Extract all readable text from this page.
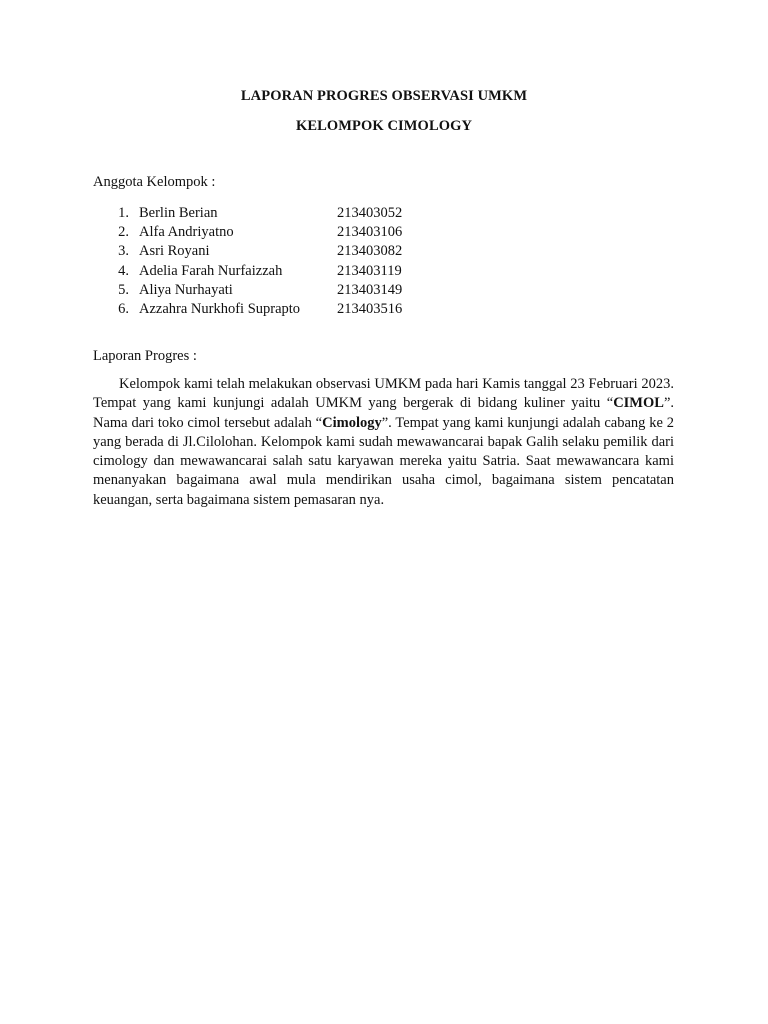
LAPORAN PROGRES OBSERVASI UMKM
KELOMPOK CIMOLOGY
Anggota Kelompok :
1. Berlin Berian	213403052
2. Alfa Andriyatno	213403106
3. Asri Royani	213403082
4. Adelia Farah Nurfaizzah	213403119
5. Aliya Nurhayati	213403149
6. Azzahra Nurkhofi Suprapto	213403516
Laporan Progres :

Kelompok kami telah melakukan observasi UMKM pada hari Kamis tanggal 23 Februari 2023. Tempat yang kami kunjungi adalah UMKM yang bergerak di bidang kuliner yaitu “CIMOL”. Nama dari toko cimol tersebut adalah “Cimology”. Tempat yang kami kunjungi adalah cabang ke 2 yang berada di Jl.Cilolohan. Kelompok kami sudah mewawancarai bapak Galih selaku pemilik dari cimology dan mewawancarai salah satu karyawan mereka yaitu Satria. Saat mewawancara kami menanyakan bagaimana awal mula mendirikan usaha cimol, bagaimana sistem pencatatan keuangan, serta bagaimana sistem pemasaran nya.
